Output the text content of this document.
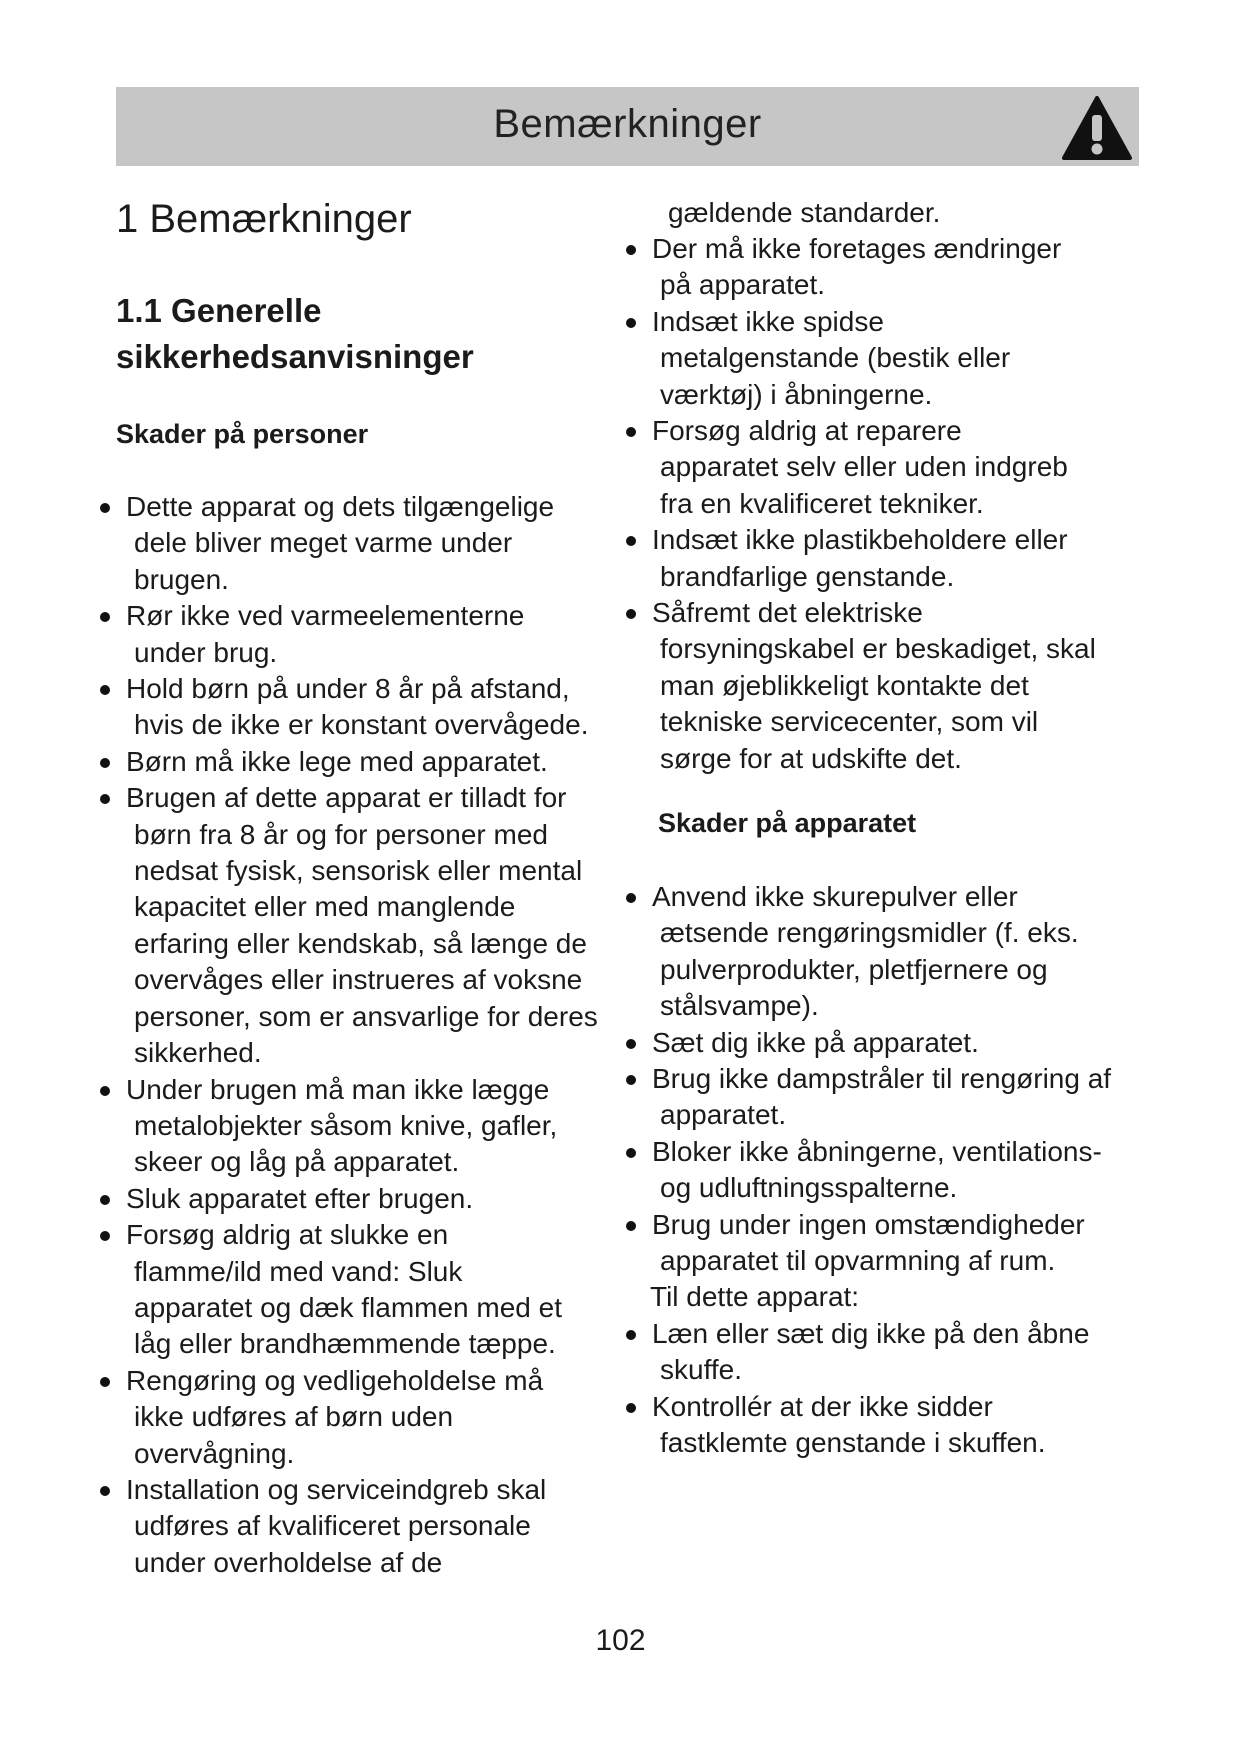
Bemærkninger
1 Bemærkninger
1.1 Generelle sikkerhedsanvisninger
Skader på personer
Dette apparat og dets tilgængelige
dele bliver meget varme under
brugen.
Rør ikke ved varmeelementerne
under brug.
Hold børn på under 8 år på afstand,
hvis de ikke er konstant overvågede.
Børn må ikke lege med apparatet.
Brugen af dette apparat er tilladt for
børn fra 8 år og for personer med
nedsat fysisk, sensorisk eller mental
kapacitet eller med manglende
erfaring eller kendskab, så længe de
overvåges eller instrueres af voksne
personer, som er ansvarlige for deres
sikkerhed.
Under brugen må man ikke lægge
metalobjekter såsom knive, gafler,
skeer og låg på apparatet.
Sluk apparatet efter brugen.
Forsøg aldrig at slukke en
flamme/ild med vand: Sluk
apparatet og dæk flammen med et
låg eller brandhæmmende tæppe.
Rengøring og vedligeholdelse må
ikke udføres af børn uden
overvågning.
Installation og serviceindgreb skal
udføres af kvalificeret personale
under overholdelse af de
gældende standarder.
Der må ikke foretages ændringer
på apparatet.
Indsæt ikke spidse
metalgenstande (bestik eller
værktøj) i åbningerne.
Forsøg aldrig at reparere
apparatet selv eller uden indgreb
fra en kvalificeret tekniker.
Indsæt ikke plastikbeholdere eller
brandfarlige genstande.
Såfremt det elektriske
forsyningskabel er beskadiget, skal
man øjeblikkeligt kontakte det
tekniske servicecenter, som vil
sørge for at udskifte det.
Skader på apparatet
Anvend ikke skurepulver eller
ætsende rengøringsmidler (f. eks.
pulverprodukter, pletfjernere og
stålsvampe).
Sæt dig ikke på apparatet.
Brug ikke dampstråler til rengøring af
apparatet.
Bloker ikke åbningerne, ventilations-
og udluftningsspalterne.
Brug under ingen omstændigheder
apparatet til opvarmning af rum.
Til dette apparat:
Læn eller sæt dig ikke på den åbne
skuffe.
Kontrollér at der ikke sidder
fastklemte genstande i skuffen.
102
